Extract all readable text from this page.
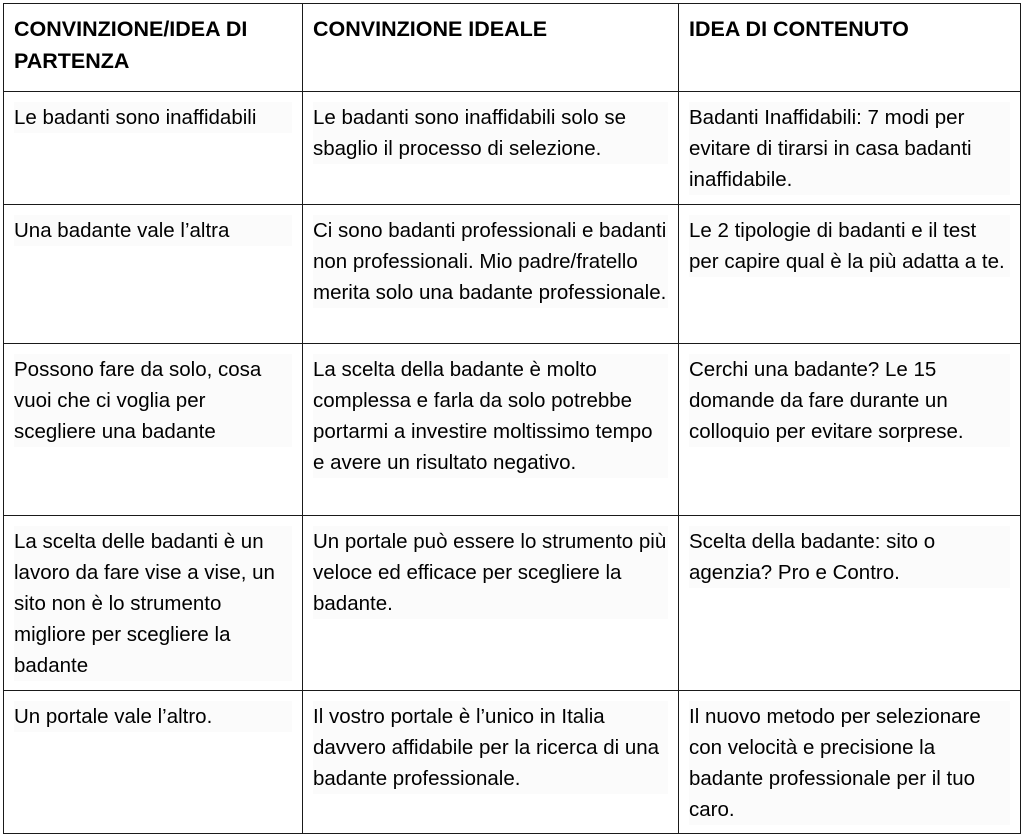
CONVINZIONE/IDEA DI PARTENZA	CONVINZIONE IDEALE	IDEA DI CONTENUTO

Le badanti sono inaffidabili	Le badanti sono inaffidabili solo se sbaglio il processo di selezione.	Badanti Inaffidabili: 7 modi per evitare di tirarsi in casa badanti inaffidabile.

Una badante vale l’altra	Ci sono badanti professionali e badanti non professionali. Mio padre/fratello merita solo una badante professionale.	Le 2 tipologie di badanti e il test per capire qual è la più adatta a te.

Possono fare da solo, cosa vuoi che ci voglia per scegliere una badante	La scelta della badante è molto complessa e farla da solo potrebbe portarmi a investire moltissimo tempo e avere un risultato negativo.	Cerchi una badante? Le 15 domande da fare durante un colloquio per evitare sorprese.

La scelta delle badanti è un lavoro da fare vise a vise, un sito non è lo strumento migliore per scegliere la badante	Un portale può essere lo strumento più veloce ed efficace per scegliere la badante.	Scelta della badante: sito o agenzia? Pro e Contro.

Un portale vale l’altro.	Il vostro portale è l’unico in Italia davvero affidabile per la ricerca di una badante professionale.	Il nuovo metodo per selezionare con velocità e precisione la badante professionale per il tuo caro.
